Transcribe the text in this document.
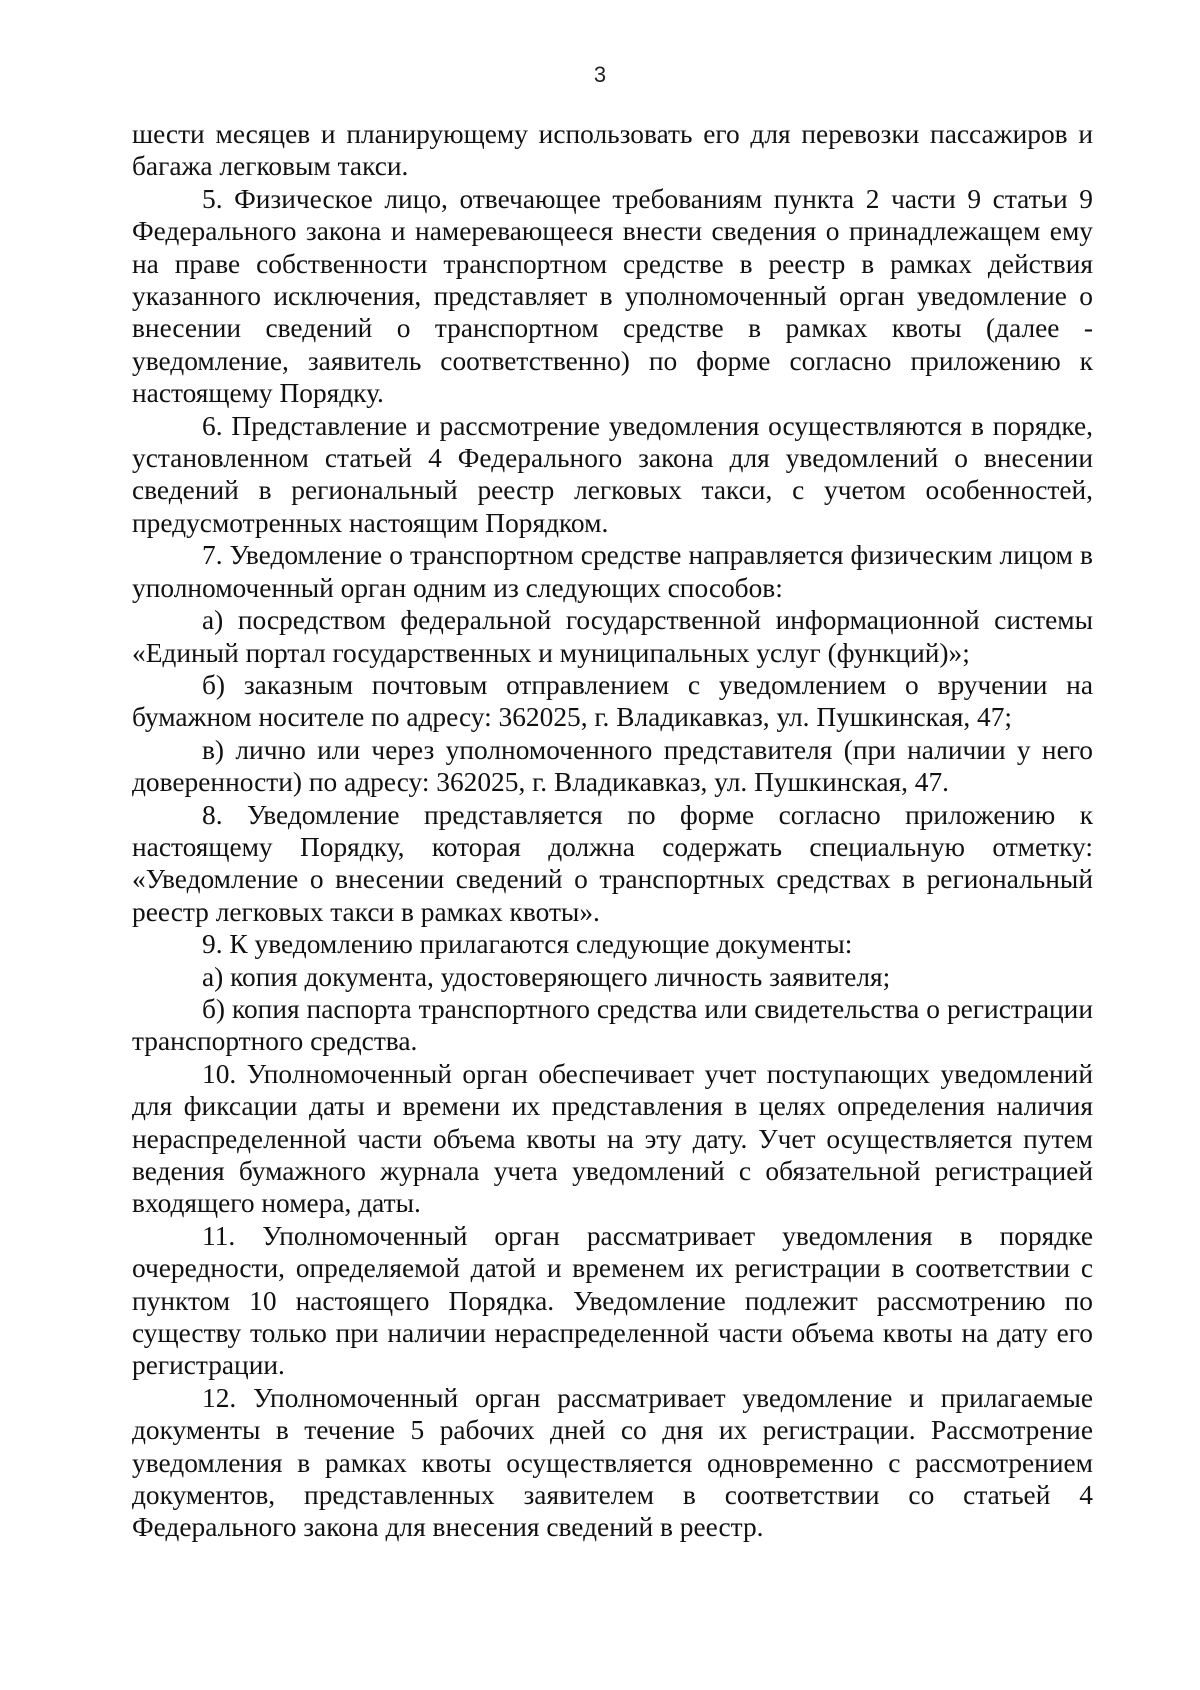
3

шести месяцев и планирующему использовать его для перевозки пассажиров и багажа легковым такси.

5. Физическое лицо, отвечающее требованиям пункта 2 части 9 статьи 9 Федерального закона и намеревающееся внести сведения о принадлежащем ему на праве собственности транспортном средстве в реестр в рамках действия указанного исключения, представляет в уполномоченный орган уведомление о внесении сведений о транспортном средстве в рамках квоты (далее - уведомление, заявитель соответственно) по форме согласно приложению к настоящему Порядку.

6. Представление и рассмотрение уведомления осуществляются в порядке, установленном статьей 4 Федерального закона для уведомлений о внесении сведений в региональный реестр легковых такси, с учетом особенностей, предусмотренных настоящим Порядком.

7. Уведомление о транспортном средстве направляется физическим лицом в уполномоченный орган одним из следующих способов:

а) посредством федеральной государственной информационной системы «Единый портал государственных и муниципальных услуг (функций)»;

б) заказным почтовым отправлением с уведомлением о вручении на бумажном носителе по адресу: 362025, г. Владикавказ, ул. Пушкинская, 47;

в) лично или через уполномоченного представителя (при наличии у него доверенности) по адресу: 362025, г. Владикавказ, ул. Пушкинская, 47.

8. Уведомление представляется по форме согласно приложению к настоящему Порядку, которая должна содержать специальную отметку: «Уведомление о внесении сведений о транспортных средствах в региональный реестр легковых такси в рамках квоты».

9. К уведомлению прилагаются следующие документы:

а) копия документа, удостоверяющего личность заявителя;

б) копия паспорта транспортного средства или свидетельства о регистрации транспортного средства.

10. Уполномоченный орган обеспечивает учет поступающих уведомлений для фиксации даты и времени их представления в целях определения наличия нераспределенной части объема квоты на эту дату. Учет осуществляется путем ведения бумажного журнала учета уведомлений с обязательной регистрацией входящего номера, даты.

11. Уполномоченный орган рассматривает уведомления в порядке очередности, определяемой датой и временем их регистрации в соответствии с пунктом 10 настоящего Порядка. Уведомление подлежит рассмотрению по существу только при наличии нераспределенной части объема квоты на дату его регистрации.

12. Уполномоченный орган рассматривает уведомление и прилагаемые документы в течение 5 рабочих дней со дня их регистрации. Рассмотрение уведомления в рамках квоты осуществляется одновременно с рассмотрением документов, представленных заявителем в соответствии со статьей 4 Федерального закона для внесения сведений в реестр.
